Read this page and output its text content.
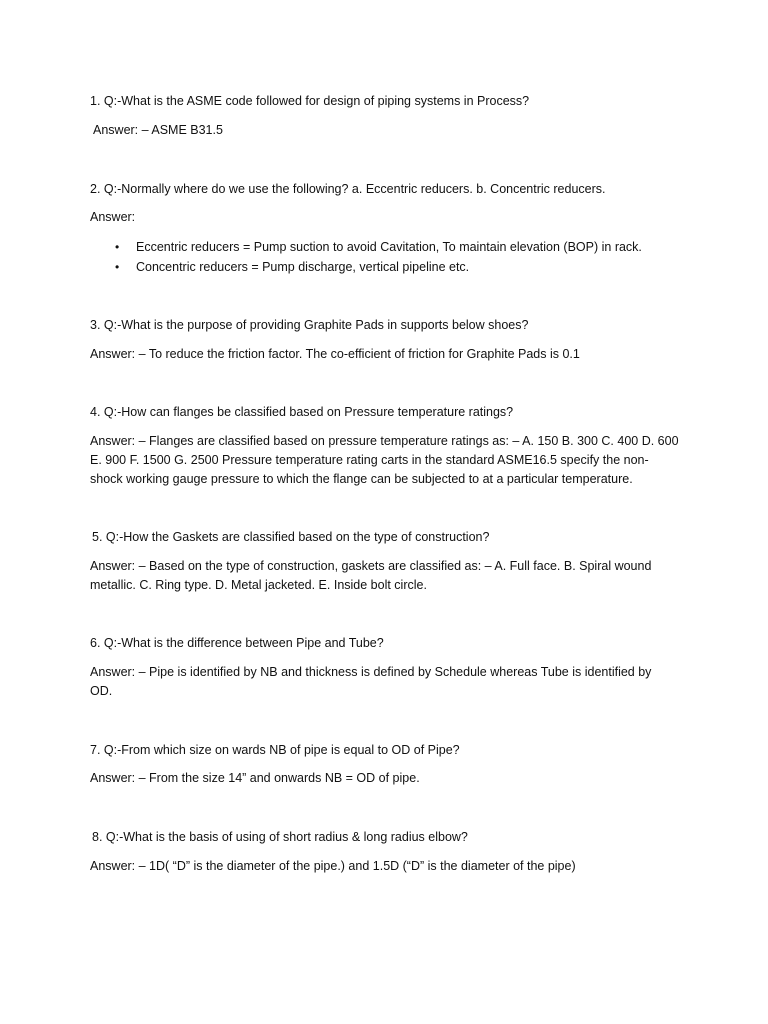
1. Q:-What is the ASME code followed for design of piping systems in Process?
Answer: – ASME B31.5
2. Q:-Normally where do we use the following? a. Eccentric reducers. b. Concentric reducers.
Answer:
• Eccentric reducers = Pump suction to avoid Cavitation, To maintain elevation (BOP) in rack.
• Concentric reducers = Pump discharge, vertical pipeline etc.
3. Q:-What is the purpose of providing Graphite Pads in supports below shoes?
Answer: – To reduce the friction factor. The co-efficient of friction for Graphite Pads is 0.1
4. Q:-How can flanges be classified based on Pressure temperature ratings?
Answer: – Flanges are classified based on pressure temperature ratings as: – A. 150 B. 300 C. 400 D. 600
E. 900 F. 1500 G. 2500 Pressure temperature rating carts in the standard ASME16.5 specify the non-
shock working gauge pressure to which the flange can be subjected to at a particular temperature.
5. Q:-How the Gaskets are classified based on the type of construction?
Answer: – Based on the type of construction, gaskets are classified as: – A. Full face. B. Spiral wound
metallic. C. Ring type. D. Metal jacketed. E. Inside bolt circle.
6. Q:-What is the difference between Pipe and Tube?
Answer: – Pipe is identified by NB and thickness is defined by Schedule whereas Tube is identified by
OD.
7. Q:-From which size on wards NB of pipe is equal to OD of Pipe?
Answer: – From the size 14” and onwards NB = OD of pipe.
8. Q:-What is the basis of using of short radius & long radius elbow?
Answer: – 1D( “D” is the diameter of the pipe.) and 1.5D (“D” is the diameter of the pipe)
